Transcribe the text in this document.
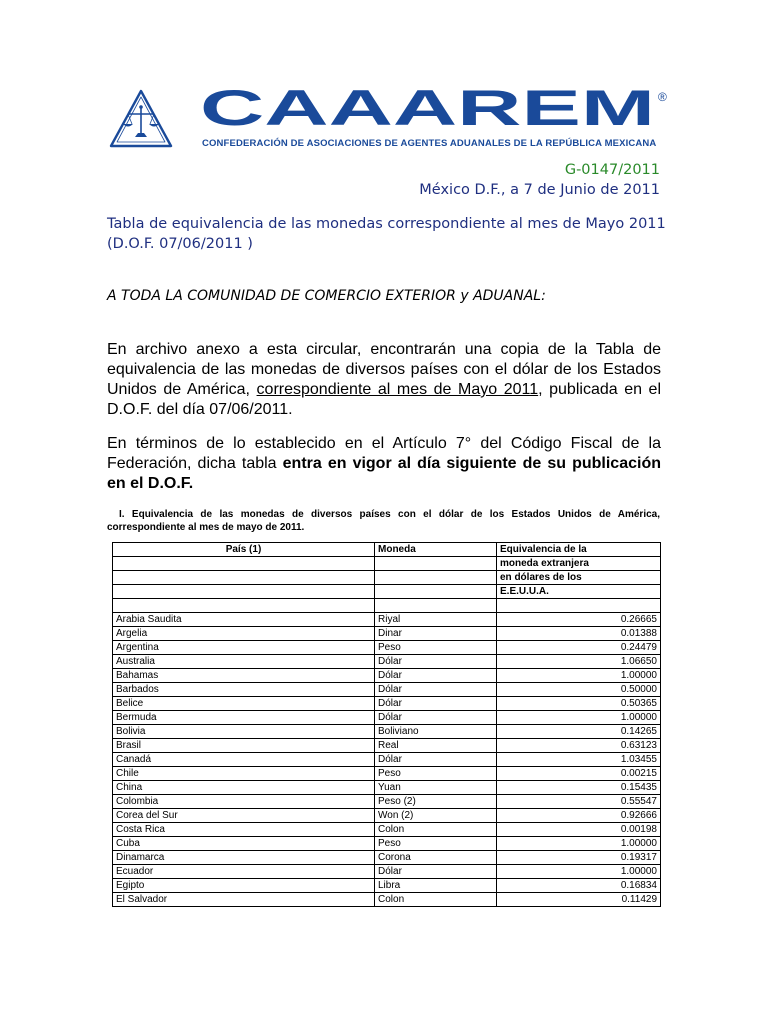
CAAAREM ®
CONFEDERACIÓN DE ASOCIACIONES DE AGENTES ADUANALES DE LA REPÚBLICA MEXICANA
G-0147/2011
México D.F., a 7 de Junio de 2011
Tabla de equivalencia de las monedas correspondiente al mes de Mayo 2011 (D.O.F. 07/06/2011 )
A TODA LA COMUNIDAD DE COMERCIO EXTERIOR y ADUANAL:

En archivo anexo a esta circular, encontrarán una copia de la Tabla de equivalencia de las monedas de diversos países con el dólar de los Estados Unidos de América, correspondiente al mes de Mayo 2011, publicada en el D.O.F. del día 07/06/2011.

En términos de lo establecido en el Artículo 7° del Código Fiscal de la Federación, dicha tabla entra en vigor al día siguiente de su publicación en el D.O.F.

I. Equivalencia de las monedas de diversos países con el dólar de los Estados Unidos de América, correspondiente al mes de mayo de 2011.
País (1)	Moneda	Equivalencia de la
		moneda extranjera
		en dólares de los
		E.E.U.U.A.

Arabia Saudita	Riyal	0.26665
Argelia	Dinar	0.01388
Argentina	Peso	0.24479
Australia	Dólar	1.06650
Bahamas	Dólar	1.00000
Barbados	Dólar	0.50000
Belice	Dólar	0.50365
Bermuda	Dólar	1.00000
Bolivia	Boliviano	0.14265
Brasil	Real	0.63123
Canadá	Dólar	1.03455
Chile	Peso	0.00215
China	Yuan	0.15435
Colombia	Peso (2)	0.55547
Corea del Sur	Won (2)	0.92666
Costa Rica	Colon	0.00198
Cuba	Peso	1.00000
Dinamarca	Corona	0.19317
Ecuador	Dólar	1.00000
Egipto	Libra	0.16834
El Salvador	Colon	0.11429
